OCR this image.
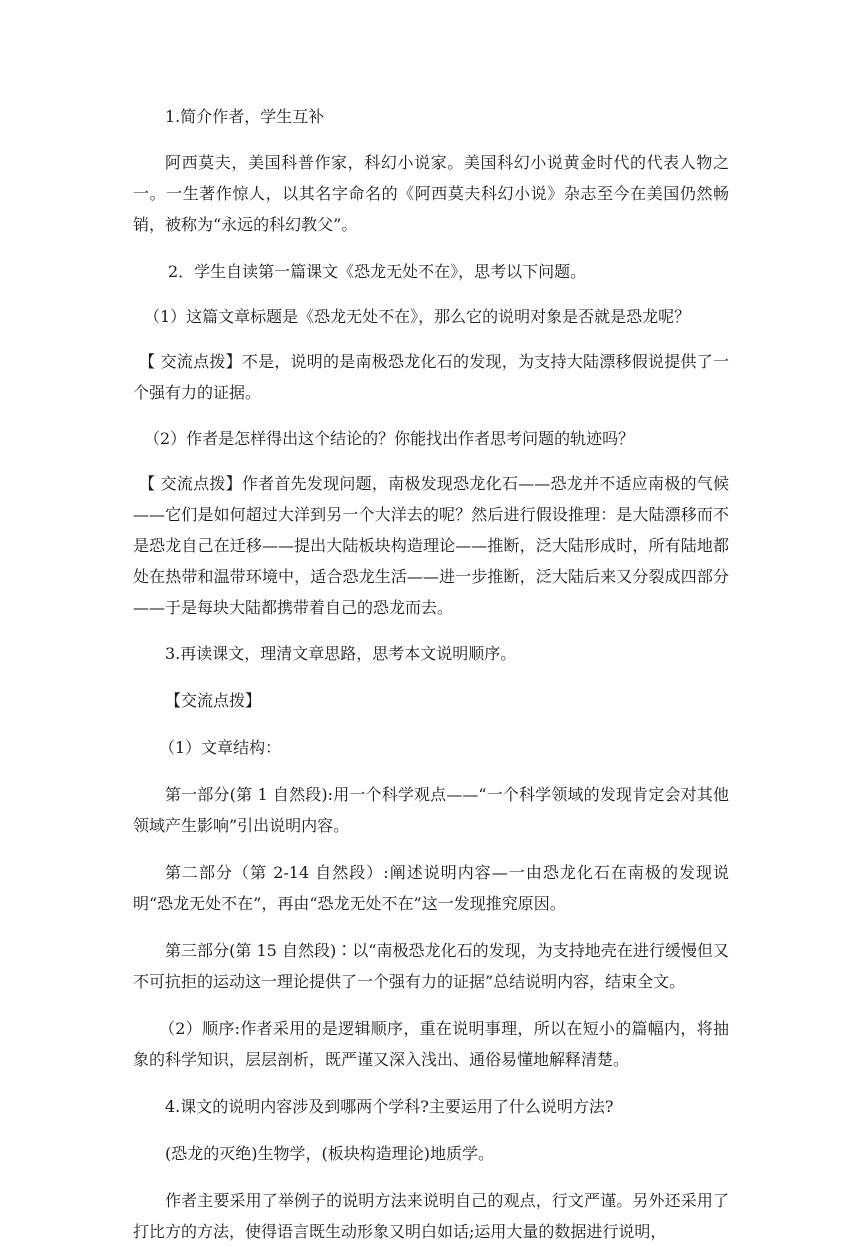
1.简介作者，学生互补

阿西莫夫，美国科普作家，科幻小说家。美国科幻小说黄金时代的代表人物之一。一生著作惊人，以其名字命名的《阿西莫夫科幻小说》杂志至今在美国仍然畅销，被称为“永远的科幻教父”。

2．学生自读第一篇课文《恐龙无处不在》，思考以下问题。

（1）这篇文章标题是《恐龙无处不在》，那么它的说明对象是否就是恐龙呢？

【 交流点拨】不是，说明的是南极恐龙化石的发现，为支持大陆漂移假说提供了一个强有力的证据。

（2）作者是怎样得出这个结论的？你能找出作者思考问题的轨迹吗？

【 交流点拨】作者首先发现问题，南极发现恐龙化石——恐龙并不适应南极的气候——它们是如何超过大洋到另一个大洋去的呢？然后进行假设推理：是大陆漂移而不是恐龙自己在迁移——提出大陆板块构造理论——推断，泛大陆形成时，所有陆地都处在热带和温带环境中，适合恐龙生活——进一步推断，泛大陆后来又分裂成四部分——于是每块大陆都携带着自己的恐龙而去。

3.再读课文，理清文章思路，思考本文说明顺序。

【交流点拨】

（1）文章结构：

第一部分(第 1 自然段):用一个科学观点——“一个科学领域的发现肯定会对其他领域产生影响”引出说明内容。

第二部分（第 2-14 自然段）:阐述说明内容—一由恐龙化石在南极的发现说明“恐龙无处不在”，再由“恐龙无处不在”这一发现推究原因。

第三部分(第 15 自然段)∶以“南极恐龙化石的发现，为支持地壳在进行缓慢但又不可抗拒的运动这一理论提供了一个强有力的证据”总结说明内容，结束全文。

（2）顺序:作者采用的是逻辑顺序，重在说明事理，所以在短小的篇幅内，将抽象的科学知识，层层剖析，既严谨又深入浅出、通俗易懂地解释清楚。

4.课文的说明内容涉及到哪两个学科?主要运用了什么说明方法?

(恐龙的灭绝)生物学，(板块构造理论)地质学。

作者主要采用了举例子的说明方法来说明自己的观点，行文严谨。另外还采用了打比方的方法，使得语言既生动形象又明白如话;运用大量的数据进行说明，
